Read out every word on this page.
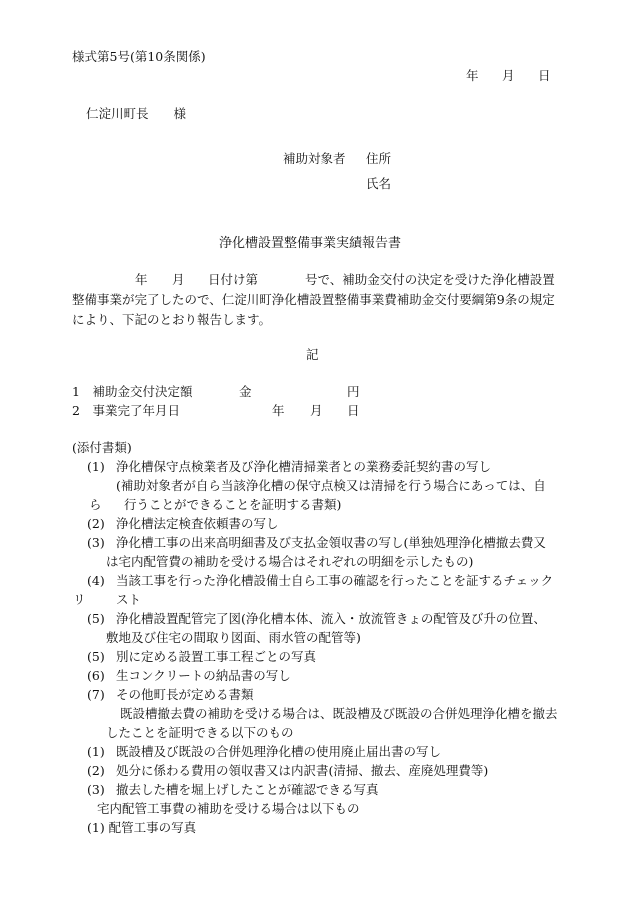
様式第5号(第10条関係)
年 月 日
仁淀川町長　　様
補助対象者 住所
氏名
浄化槽設置整備事業実績報告書
年 月 日付け第	号で、補助金交付の決定を受けた浄化槽設置
整備事業が完了したので、仁淀川町浄化槽設置整備事業費補助金交付要綱第9条の規定
により、下記のとおり報告します。
記
1　補助金交付決定額	金	円
2　事業完了年月日	年 月 日
(添付書類)
(1) 浄化槽保守点検業者及び浄化槽清掃業者との業務委託契約書の写し
(補助対象者が自ら当該浄化槽の保守点検又は清掃を行う場合にあっては、自
ら 行うことができることを証明する書類)
(2) 浄化槽法定検査依頼書の写し
(3) 浄化槽工事の出来高明細書及び支払金領収書の写し(単独処理浄化槽撤去費又
は宅内配管費の補助を受ける場合はそれぞれの明細を示したもの)
(4) 当該工事を行った浄化槽設備士自ら工事の確認を行ったことを証するチェック
リ スト
(5) 浄化槽設置配管完了図(浄化槽本体、流入・放流管きょの配管及び升の位置、
敷地及び住宅の間取り図面、雨水管の配管等)
(5) 別に定める設置工事工程ごとの写真
(6) 生コンクリートの納品書の写し
(7) その他町長が定める書類
既設槽撤去費の補助を受ける場合は、既設槽及び既設の合併処理浄化槽を撤去
したことを証明できる以下のもの
(1) 既設槽及び既設の合併処理浄化槽の使用廃止届出書の写し
(2) 処分に係わる費用の領収書又は内訳書(清掃、撤去、産廃処理費等)
(3) 撤去した槽を堀上げしたことが確認できる写真
宅内配管工事費の補助を受ける場合は以下もの
(1) 配管工事の写真
